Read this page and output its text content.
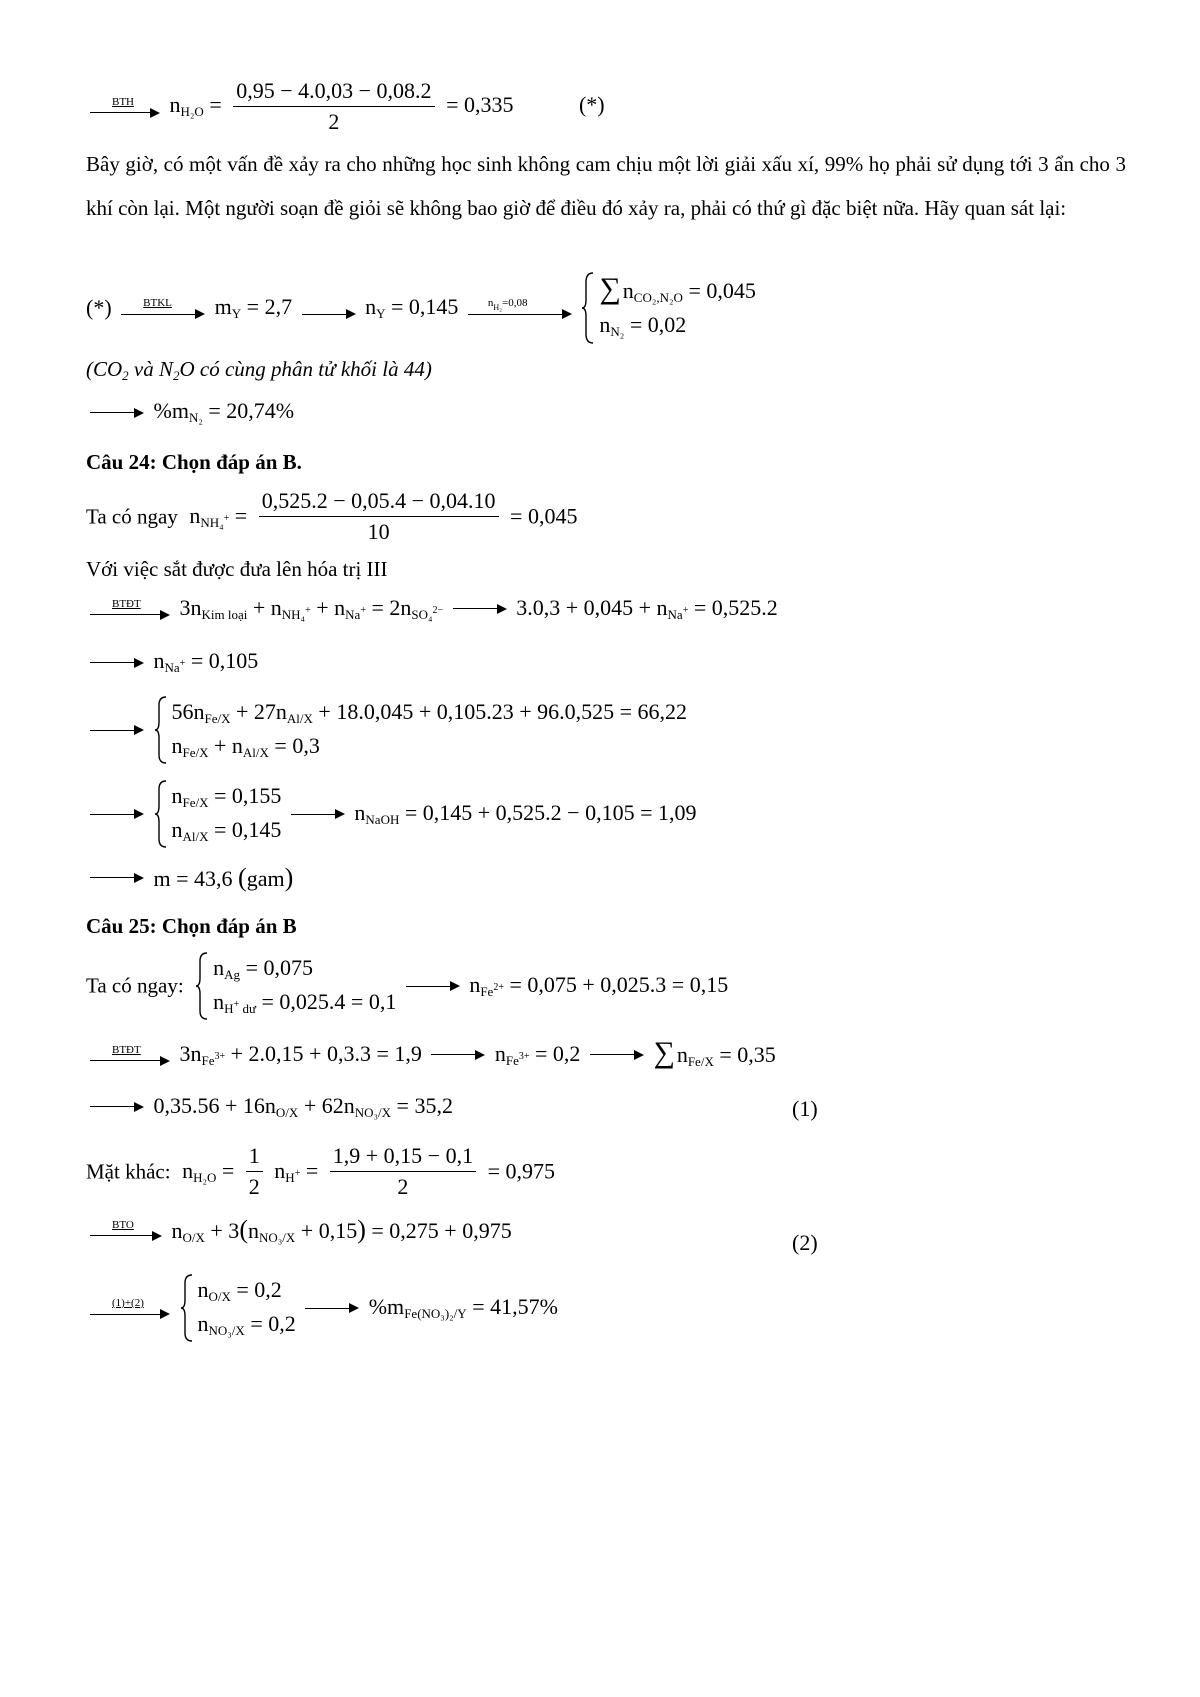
BTH $n_{H_2O} = \frac{0,95 - 4.0,03 - 0,08.2}{2} = 0,335$	(*)
Bây giờ, có một vấn đề xảy ra cho những học sinh không cam chịu một lời giải xấu xí, 99% họ phải sử dụng tới 3 ẩn cho 3 khí còn lại. Một người soạn đề giỏi sẽ không bao giờ để điều đó xảy ra, phải có thứ gì đặc biệt nữa. Hãy quan sát lại:
(*)	BTKL $m_Y = 2,7$	$n_Y = 0,145$	$n_{H_2}=0,08$
$\sum n_{CO_2,N_2O} = 0,045$
$n_{N_2} = 0,02$
($CO_2$ và $N_2O$ có cùng phân tử khối là 44)
$\%m_{N_2} = 20,74\%$
Câu 24: Chọn đáp án B.
Ta có ngay $n_{NH_4^+} = \frac{0,525.2 - 0,05.4 - 0,04.10}{10} = 0,045$
Với việc sắt được đưa lên hóa trị III
BTĐT $3n_{Kim loại} + n_{NH_4^+} + n_{Na^+} = 2n_{SO_4^{2-}}$	$3.0,3 + 0,045 + n_{Na^+} = 0,525.2$
$n_{Na^+} = 0,105$

$56n_{Fe/X} + 27n_{Al/X} + 18.0,045 + 0,105.23 + 96.0,525 = 66,22$
$n_{Fe/X} + n_{Al/X} = 0,3$

$n_{Fe/X} = 0,155$
$n_{Al/X} = 0,145$

$n_{NaOH} = 0,145 + 0,525.2 - 0,105 = 1,09$
m = 43,6 (gam)
Câu 25: Chọn đáp án B
Ta có ngay:
$n_{Ag} = 0,075$
$n_{H^+ dư} = 0,025.4 = 0,1$

$n_{Fe^{2+}} = 0,075 + 0,025.3 = 0,15$
BTĐT $3n_{Fe^{3+}} + 2.0,15 + 0,3.3 = 1,9$	$n_{Fe^{3+}} = 0,2$ $\sum n_{Fe/X} = 0,35$
$0,35.56 + 16n_{O/X} + 62n_{NO_3/X} = 35,2$	(1)
Mặt khác: $n_{H_2O} = \frac{1}{2} n_{H^+} = \frac{1,9 + 0,15 - 0,1}{2} = 0,975$
BTO $n_{O/X} + 3(n_{NO_3/X} + 0,15) = 0,275 + 0,975$	(2)
(1)+(2)

$n_{O/X} = 0,2$
$n_{NO_3/X} = 0,2$

$\%m_{Fe(NO_3)_2/Y} = 41,57\%$
